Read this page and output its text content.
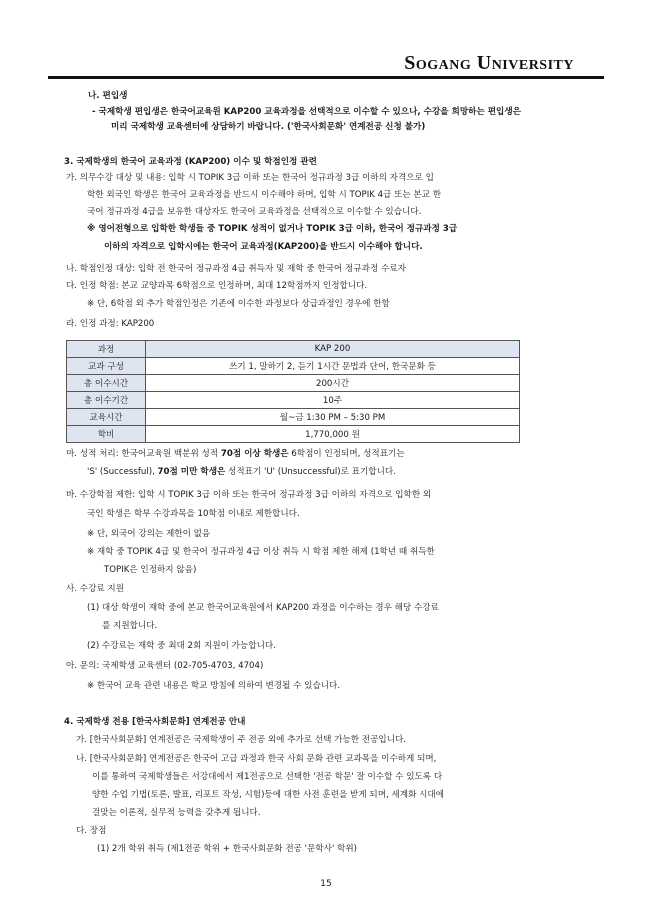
Sogang University
나. 편입생
- 국제학생 편입생은 한국어교육원 KAP200 교육과정을 선택적으로 이수할 수 있으나, 수강을 희망하는 편입생은
미리 국제학생 교육센터에 상담하기 바랍니다. ('한국사회문화' 연계전공 신청 불가)
3. 국제학생의 한국어 교육과정 (KAP200) 이수 및 학점인정 관련
가. 의무수강 대상 및 내용: 입학 시 TOPIK 3급 이하 또는 한국어 정규과정 3급 이하의 자격으로 입
학한 외국인 학생은 한국어 교육과정을 반드시 이수해야 하며, 입학 시 TOPIK 4급 또는 본교 한
국어 정규과정 4급을 보유한 대상자도 한국어 교육과정을 선택적으로 이수할 수 있습니다.
※ 영어전형으로 입학한 학생들 중 TOPIK 성적이 없거나 TOPIK 3급 이하, 한국어 정규과정 3급
이하의 자격으로 입학시에는 한국어 교육과정(KAP200)을 반드시 이수해야 합니다.
나. 학점인정 대상: 입학 전 한국어 정규과정 4급 취득자 및 재학 중 한국어 정규과정 수료자
다. 인정 학점: 본교 교양과목 6학점으로 인정하며, 최대 12학점까지 인정합니다.
※ 단, 6학점 외 추가 학점인정은 기존에 이수한 과정보다 상급과정인 경우에 한함
라. 인정 과정: KAP200
과정	KAP 200
교과 구성	쓰기 1, 말하기 2, 듣기 1시간 문법과 단어, 한국문화 등
총 이수시간	200시간
총 이수기간	10주
교육시간	월~금 1:30 PM – 5:30 PM
학비	1,770,000 원
마. 성적 처리: 한국어교육원 백분위 성적 70점 이상 학생은 6학점이 인정되며, 성적표기는
'S' (Successful), 70점 미만 학생은 성적표기 'U' (Unsuccessful)로 표기합니다.
바. 수강학점 제한: 입학 시 TOPIK 3급 이하 또는 한국어 정규과정 3급 이하의 자격으로 입학한 외
국인 학생은 학부 수강과목을 10학점 이내로 제한합니다.
※ 단, 외국어 강의는 제한이 없음
※ 재학 중 TOPIK 4급 및 한국어 정규과정 4급 이상 취득 시 학점 제한 해제 (1학년 때 취득한
TOPIK은 인정하지 않음)
사. 수강료 지원
(1) 대상 학생이 재학 중에 본교 한국어교육원에서 KAP200 과정을 이수하는 경우 해당 수강료
를 지원합니다.
(2) 수강료는 재학 중 최대 2회 지원이 가능합니다.
아. 문의: 국제학생 교육센터 (02-705-4703, 4704)
※ 한국어 교육 관련 내용은 학교 방침에 의하여 변경될 수 있습니다.
4. 국제학생 전용 [한국사회문화] 연계전공 안내
가. [한국사회문화] 연계전공은 국제학생이 주 전공 외에 추가로 선택 가능한 전공입니다.
나. [한국사회문화] 연계전공은 한국어 고급 과정과 한국 사회 문화 관련 교과목을 이수하게 되며,
이를 통하여 국제학생들은 서강대에서 제1전공으로 선택한 '전공 학문' 잘 이수할 수 있도록 다
양한 수업 기법(토론, 발표, 리포트 작성, 시험)등에 대한 사전 훈련을 받게 되며, 세계화 시대에
걸맞는 이론적, 실무적 능력을 갖추게 됩니다.
다. 장점
(1) 2개 학위 취득 (제1전공 학위 + 한국사회문화 전공 '문학사' 학위)
15
